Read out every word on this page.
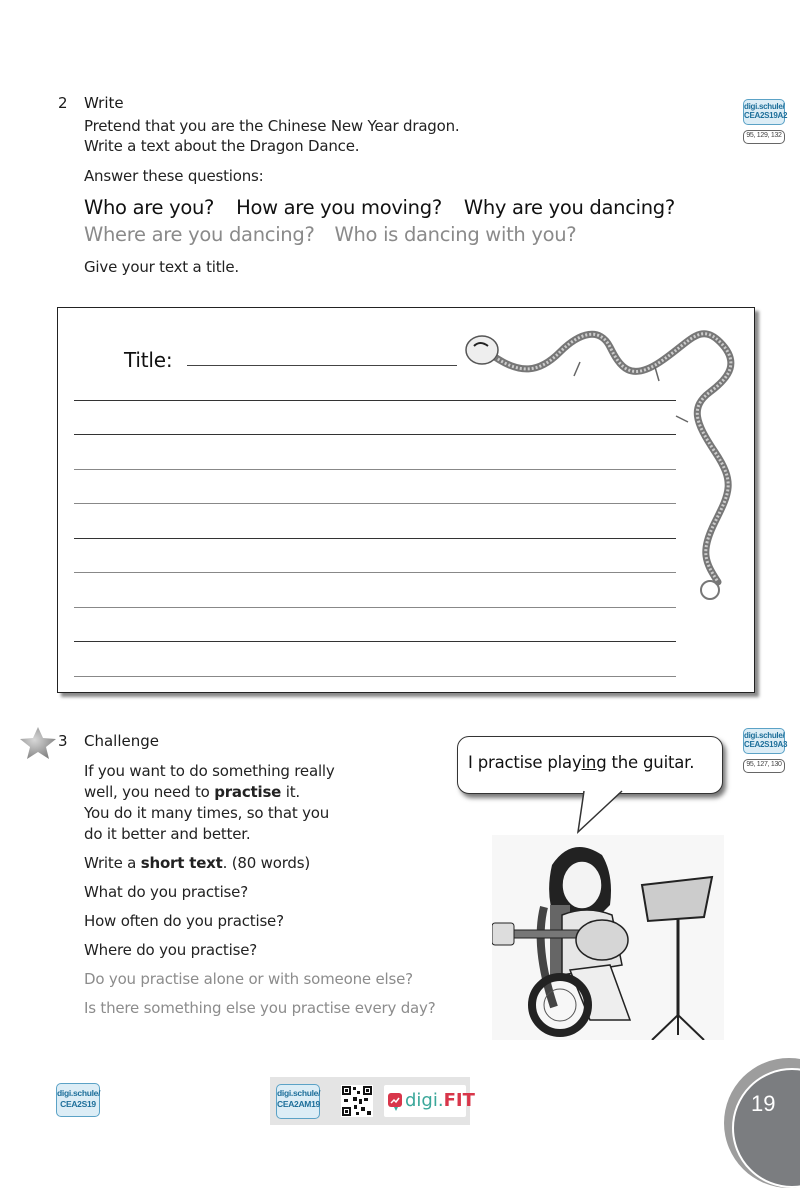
2 Write
Pretend that you are the Chinese New Year dragon.
Write a text about the Dragon Dance.
Answer these questions:
Who are you? How are you moving? Why are you dancing?
Where are you dancing? Who is dancing with you?
Give your text a title.
digi.schule/
CEA2S19A2
95, 129, 132
Title:
3 Challenge
If you want to do something really
well, you need to practise it.
You do it many times, so that you
do it better and better.
Write a short text. (80 words)
What do you practise?
How often do you practise?
Where do you practise?
Do you practise alone or with someone else?
Is there something else you practise every day?
I practise playing the guitar.
digi.schule/
CEA2S19A3
95, 127, 130
digi.schule/
CEA2S19
digi.schule/
CEA2AM19	digi.FIT	19
